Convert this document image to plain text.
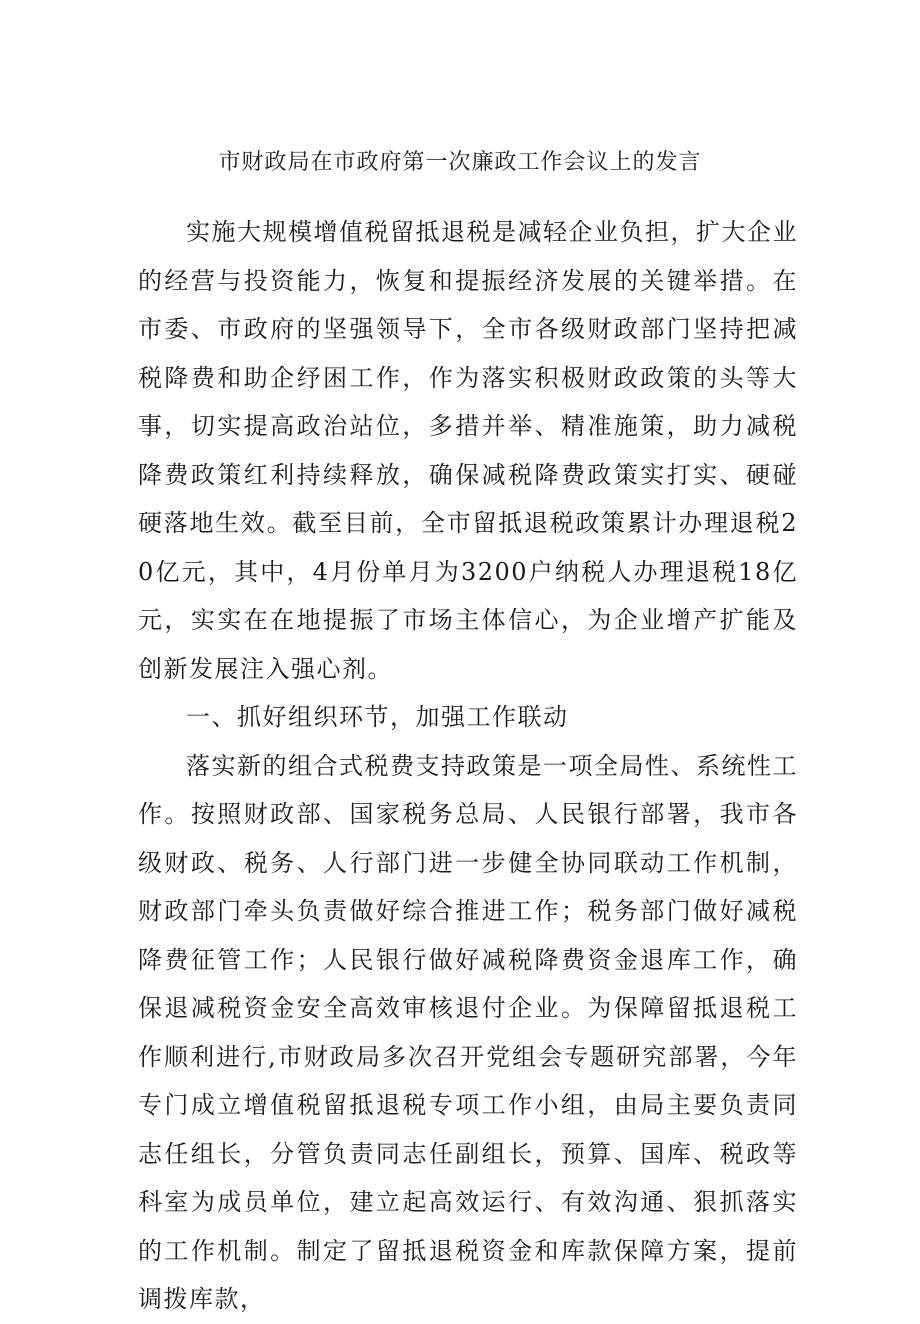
市财政局在市政府第一次廉政工作会议上的发言

实施大规模增值税留抵退税是减轻企业负担，扩大企业的经营与投资能力，恢复和提振经济发展的关键举措。在市委、市政府的坚强领导下，全市各级财政部门坚持把减税降费和助企纾困工作，作为落实积极财政政策的头等大事，切实提高政治站位，多措并举、精准施策，助力减税降费政策红利持续释放，确保减税降费政策实打实、硬碰硬落地生效。截至目前，全市留抵退税政策累计办理退税20亿元，其中，4月份单月为3200户纳税人办理退税18亿元，实实在在地提振了市场主体信心，为企业增产扩能及创新发展注入强心剂。

一、抓好组织环节，加强工作联动

落实新的组合式税费支持政策是一项全局性、系统性工作。按照财政部、国家税务总局、人民银行部署，我市各级财政、税务、人行部门进一步健全协同联动工作机制，财政部门牵头负责做好综合推进工作；税务部门做好减税降费征管工作；人民银行做好减税降费资金退库工作，确保退减税资金安全高效审核退付企业。为保障留抵退税工作顺利进行,市财政局多次召开党组会专题研究部署，今年专门成立增值税留抵退税专项工作小组，由局主要负责同志任组长，分管负责同志任副组长，预算、国库、税政等科室为成员单位，建立起高效运行、有效沟通、狠抓落实的工作机制。制定了留抵退税资金和库款保障方案，提前调拨库款，
